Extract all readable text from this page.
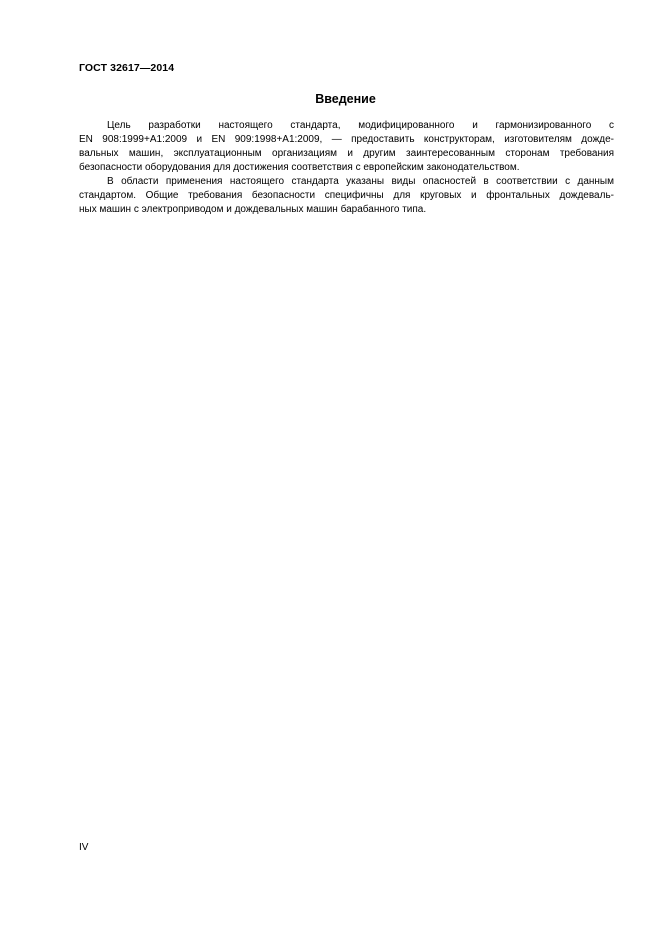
ГОСТ 32617—2014
Введение
Цель разработки настоящего стандарта, модифицированного и гармонизированного с
EN 908:1999+A1:2009 и EN 909:1998+A1:2009, — предоставить конструкторам, изготовителям дожде-
вальных машин, эксплуатационным организациям и другим заинтересованным сторонам требования
безопасности оборудования для достижения соответствия с европейским законодательством.
В области применения настоящего стандарта указаны виды опасностей в соответствии с данным
стандартом. Общие требования безопасности специфичны для круговых и фронтальных дождеваль-
ных машин с электроприводом и дождевальных машин барабанного типа.
IV
